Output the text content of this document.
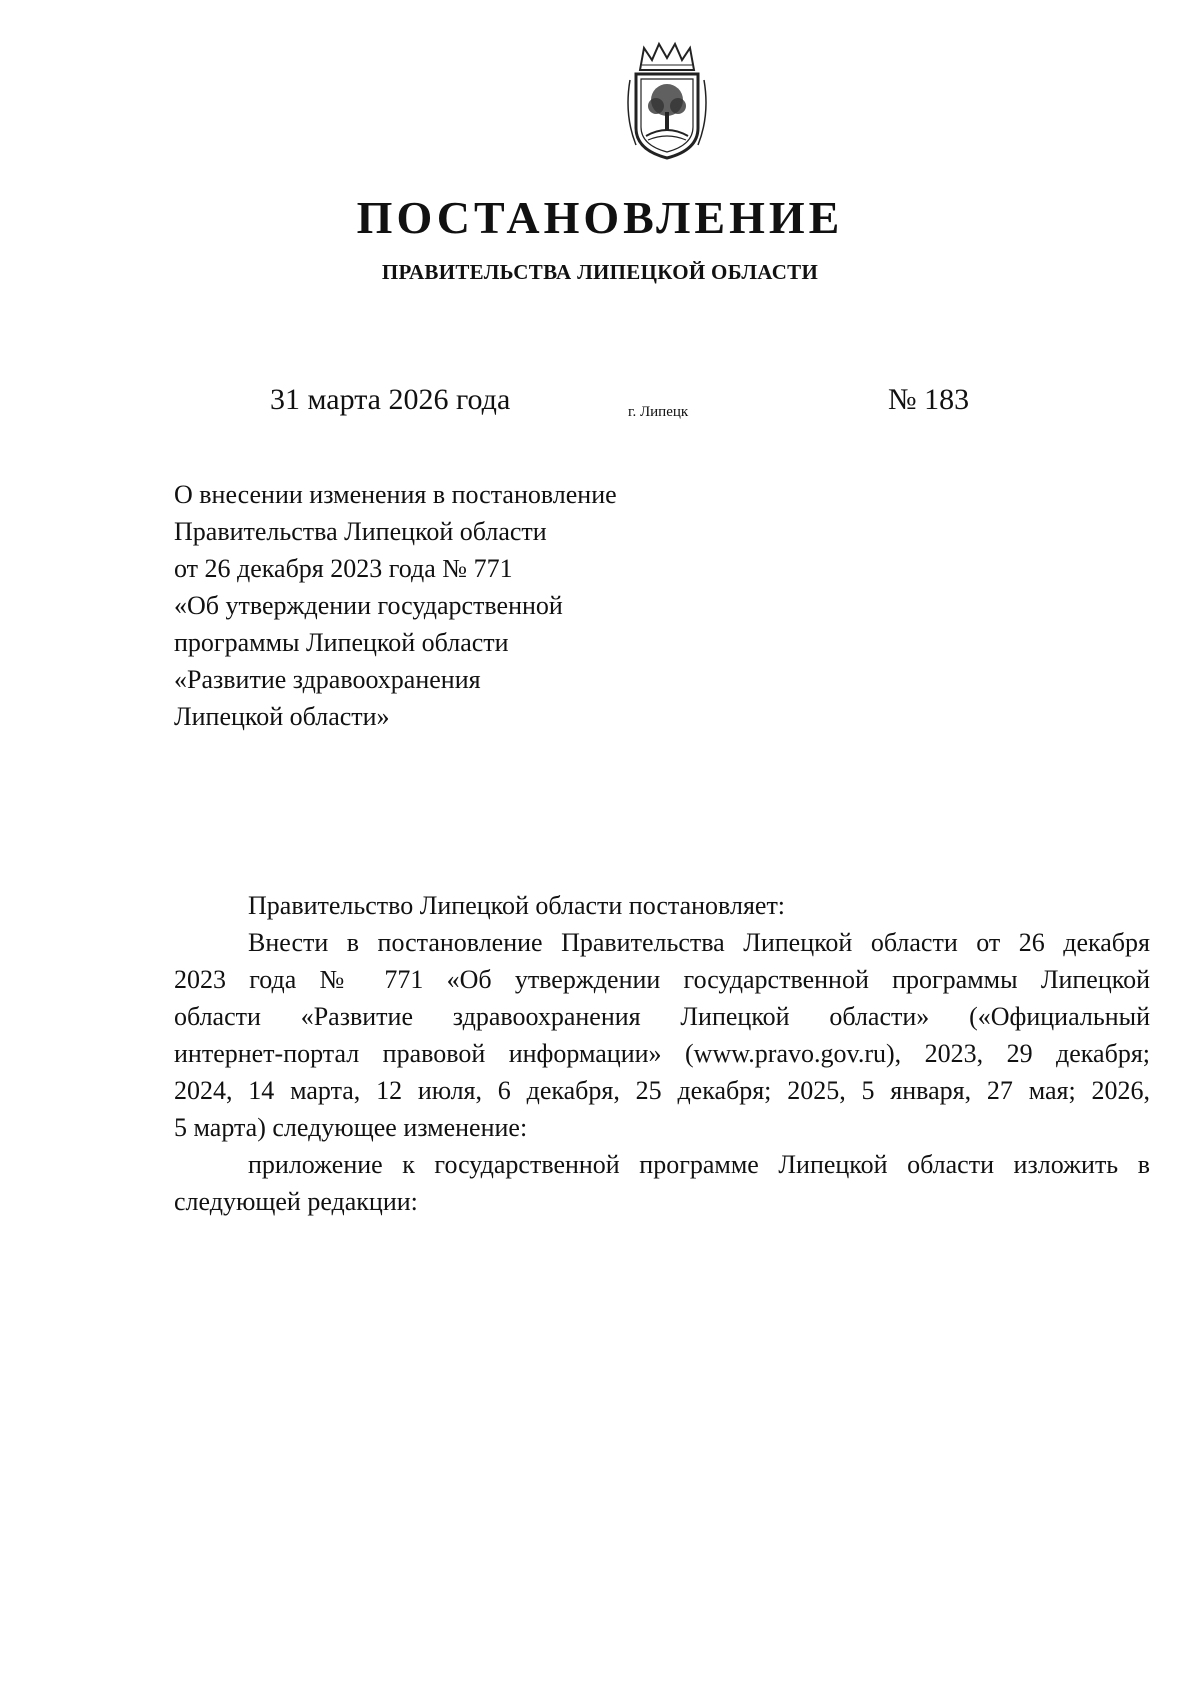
ПОСТАНОВЛЕНИЕ
ПРАВИТЕЛЬСТВА ЛИПЕЦКОЙ ОБЛАСТИ
31 марта 2026 года	г. Липецк	№ 183
О внесении изменения в постановление
Правительства Липецкой области
от 26 декабря 2023 года № 771
«Об утверждении государственной
программы Липецкой области
«Развитие здравоохранения
Липецкой области»

Правительство Липецкой области постановляет:

Внести в постановление Правительства Липецкой области от 26 декабря
2023 года № 771 «Об утверждении государственной программы Липецкой
области «Развитие здравоохранения Липецкой области» («Официальный
интернет-портал правовой информации» (www.pravo.gov.ru), 2023, 29 декабря;
2024, 14 марта, 12 июля, 6 декабря, 25 декабря; 2025, 5 января, 27 мая; 2026,
5 марта) следующее изменение:
приложение к государственной программе Липецкой области изложить в
следующей редакции:
